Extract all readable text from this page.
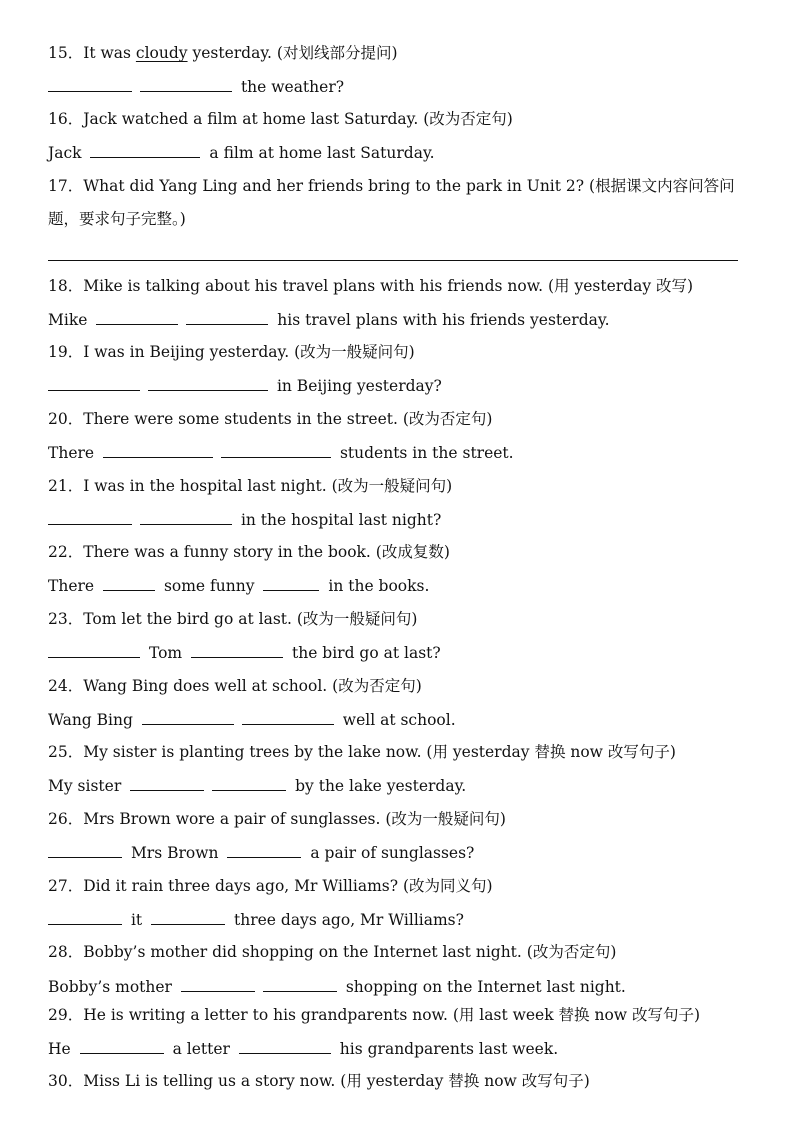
15．It was cloudy yesterday. (对划线部分提问)
the weather?
16．Jack watched a film at home last Saturday. (改为否定句)
Jack	a film at home last Saturday.
17．What did Yang Ling and her friends bring to the park in Unit 2? (根据课文内容问答问题，要求句子完整。)
18．Mike is talking about his travel plans with his friends now. (用 yesterday 改写)
Mike	his travel plans with his friends yesterday.
19．I was in Beijing yesterday. (改为一般疑问句)
in Beijing yesterday?
20．There were some students in the street. (改为否定句)
There	students in the street.
21．I was in the hospital last night. (改为一般疑问句)
in the hospital last night?
22．There was a funny story in the book. (改成复数)
There	some funny	in the books.
23．Tom let the bird go at last. (改为一般疑问句)
Tom	the bird go at last?
24．Wang Bing does well at school. (改为否定句)
Wang Bing	well at school.
25．My sister is planting trees by the lake now. (用 yesterday 替换 now 改写句子)
My sister	by the lake yesterday.
26．Mrs Brown wore a pair of sunglasses. (改为一般疑问句)
Mrs Brown	a pair of sunglasses?
27．Did it rain three days ago, Mr Williams? (改为同义句)
it	three days ago, Mr Williams?
28．Bobby’s mother did shopping on the Internet last night. (改为否定句)
Bobby’s mother	shopping on the Internet last night.
29．He is writing a letter to his grandparents now. (用 last week 替换 now 改写句子)
He	a letter	his grandparents last week.
30．Miss Li is telling us a story now. (用 yesterday 替换 now 改写句子)
